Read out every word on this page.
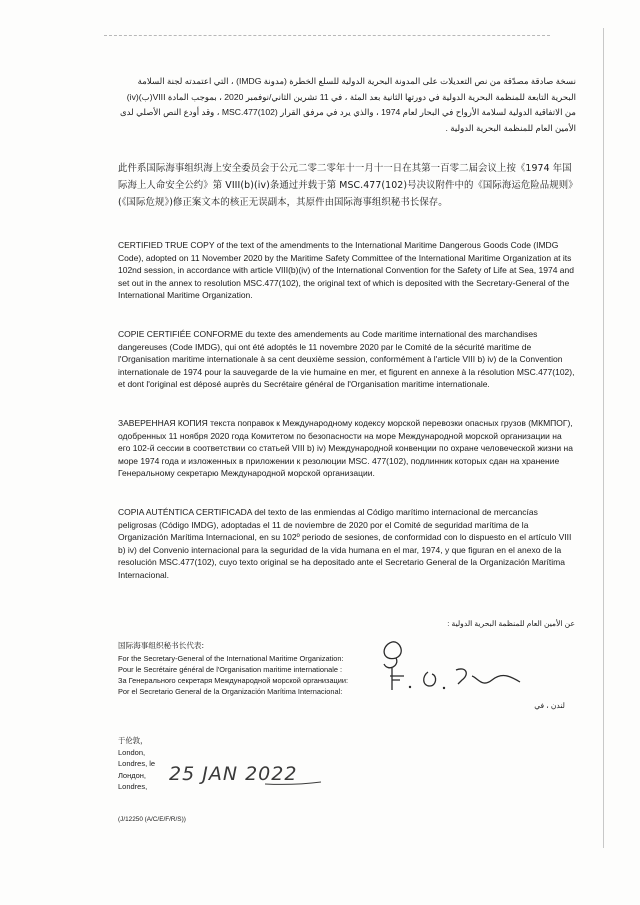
نسخة صادقة مصدّقة من نص التعديلات على المدونة البحرية الدولية للسلع الخطرة (مدونة IMDG) ، التي اعتمدته لجنة السلامة البحرية التابعة للمنظمة البحرية الدولية في دورتها الثانية بعد المئة ، في 11 تشرين الثاني/نوفمبر 2020 ، بموجب المادة VIII(ب)(iv) من الاتفاقية الدولية لسلامة الأرواح في البحار لعام 1974 ، والذي يرد في مرفق القرار MSC.477(102) ، وقد أودع النص الأصلي لدى الأمين العام للمنظمة البحرية الدولية .

此件系国际海事组织海上安全委员会于公元二零二零年十一月十一日在其第一百零二届会议上按《1974 年国际海上人命安全公约》第 VIII(b)(iv)条通过并载于第 MSC.477(102)号决议附件中的《国际海运危险品规则》(《国际危规》)修正案文本的核正无误副本，其原件由国际海事组织秘书长保存。

CERTIFIED TRUE COPY of the text of the amendments to the International Maritime Dangerous Goods Code (IMDG Code), adopted on 11 November 2020 by the Maritime Safety Committee of the International Maritime Organization at its 102nd session, in accordance with article VIII(b)(iv) of the International Convention for the Safety of Life at Sea, 1974 and set out in the annex to resolution MSC.477(102), the original text of which is deposited with the Secretary-General of the International Maritime Organization.

COPIE CERTIFIÉE CONFORME du texte des amendements au Code maritime international des marchandises dangereuses (Code IMDG), qui ont été adoptés le 11 novembre 2020 par le Comité de la sécurité maritime de l'Organisation maritime internationale à sa cent deuxième session, conformément à l'article VIII b) iv) de la Convention internationale de 1974 pour la sauvegarde de la vie humaine en mer, et figurent en annexe à la résolution MSC.477(102), et dont l'original est déposé auprès du Secrétaire général de l'Organisation maritime internationale.

ЗАВЕРЕННАЯ КОПИЯ текста поправок к Международному кодексу морской перевозки опасных грузов (МКМПОГ), одобренных 11 ноября 2020 года Комитетом по безопасности на море Международной морской организации на его 102-й сессии в соответствии со статьей VIII b) iv) Международной конвенции по охране человеческой жизни на море 1974 года и изложенных в приложении к резолюции MSC. 477(102), подлинник которых сдан на хранение Генеральному секретарю Международной морской организации.

COPIA AUTÉNTICA CERTIFICADA del texto de las enmiendas al Código marítimo internacional de mercancías peligrosas (Código IMDG), adoptadas el 11 de noviembre de 2020 por el Comité de seguridad marítima de la Organización Marítima Internacional, en su 102º periodo de sesiones, de conformidad con lo dispuesto en el artículo VIII b) iv) del Convenio internacional para la seguridad de la vida humana en el mar, 1974, y que figuran en el anexo de la resolución MSC.477(102), cuyo texto original se ha depositado ante el Secretario General de la Organización Marítima Internacional.

عن الأمين العام للمنظمة البحرية الدولية :
国际海事组织秘书长代表:
For the Secretary-General of the International Maritime Organization:
Pour le Secrétaire général de l'Organisation maritime internationale :
За Генерального секретаря Международной морской организации:
Por el Secretario General de la Organización Marítima Internacional:
لندن ، في
于伦敦，
London,
Londres, le
Лондон,
Londres,
25 JAN 2022
(J/12250 (A/C/E/F/R/S))
